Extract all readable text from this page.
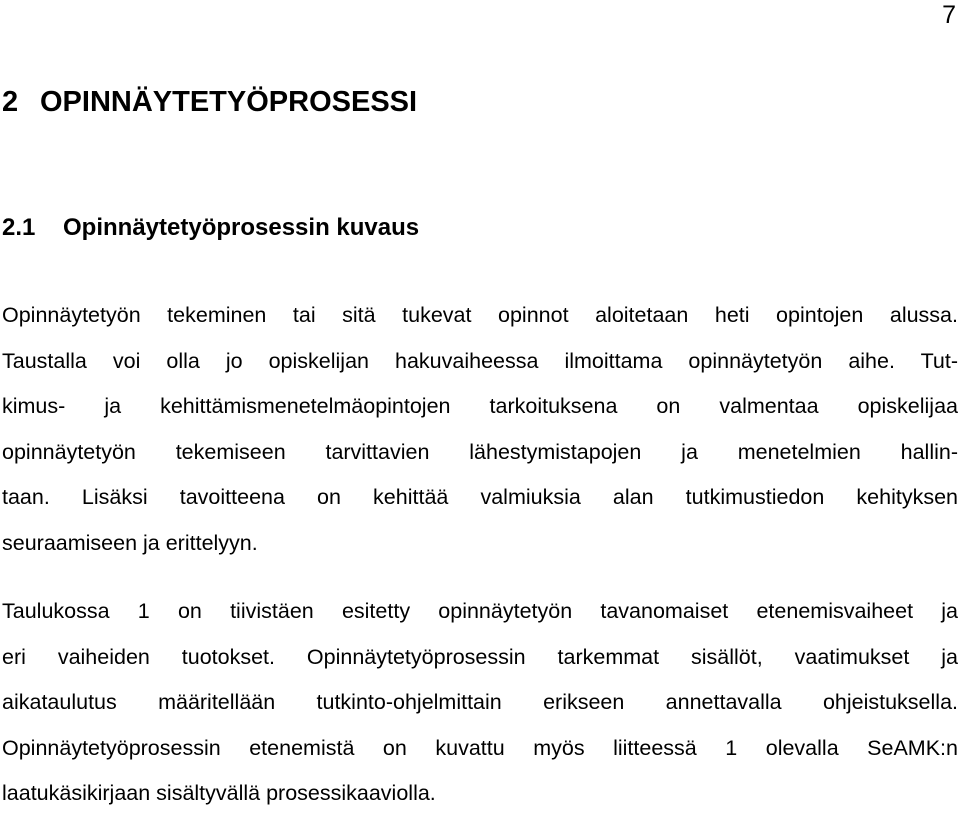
7
2 OPINNÄYTETYÖPROSESSI
2.1 Opinnäytetyöprosessin kuvaus

Opinnäytetyön tekeminen tai sitä tukevat opinnot aloitetaan heti opintojen alussa.
Taustalla voi olla jo opiskelijan hakuvaiheessa ilmoittama opinnäytetyön aihe. Tut-
kimus- ja kehittämismenetelmäopintojen tarkoituksena on valmentaa opiskelijaa
opinnäytetyön tekemiseen tarvittavien lähestymistapojen ja menetelmien hallin-
taan. Lisäksi tavoitteena on kehittää valmiuksia alan tutkimustiedon kehityksen
seuraamiseen ja erittelyyn.

Taulukossa 1 on tiivistäen esitetty opinnäytetyön tavanomaiset etenemisvaiheet ja
eri vaiheiden tuotokset. Opinnäytetyöprosessin tarkemmat sisällöt, vaatimukset ja
aikataulutus määritellään tutkinto-ohjelmittain erikseen annettavalla ohjeistuksella.
Opinnäytetyöprosessin etenemistä on kuvattu myös liitteessä 1 olevalla SeAMK:n
laatukäsikirjaan sisältyvällä prosessikaaviolla.
